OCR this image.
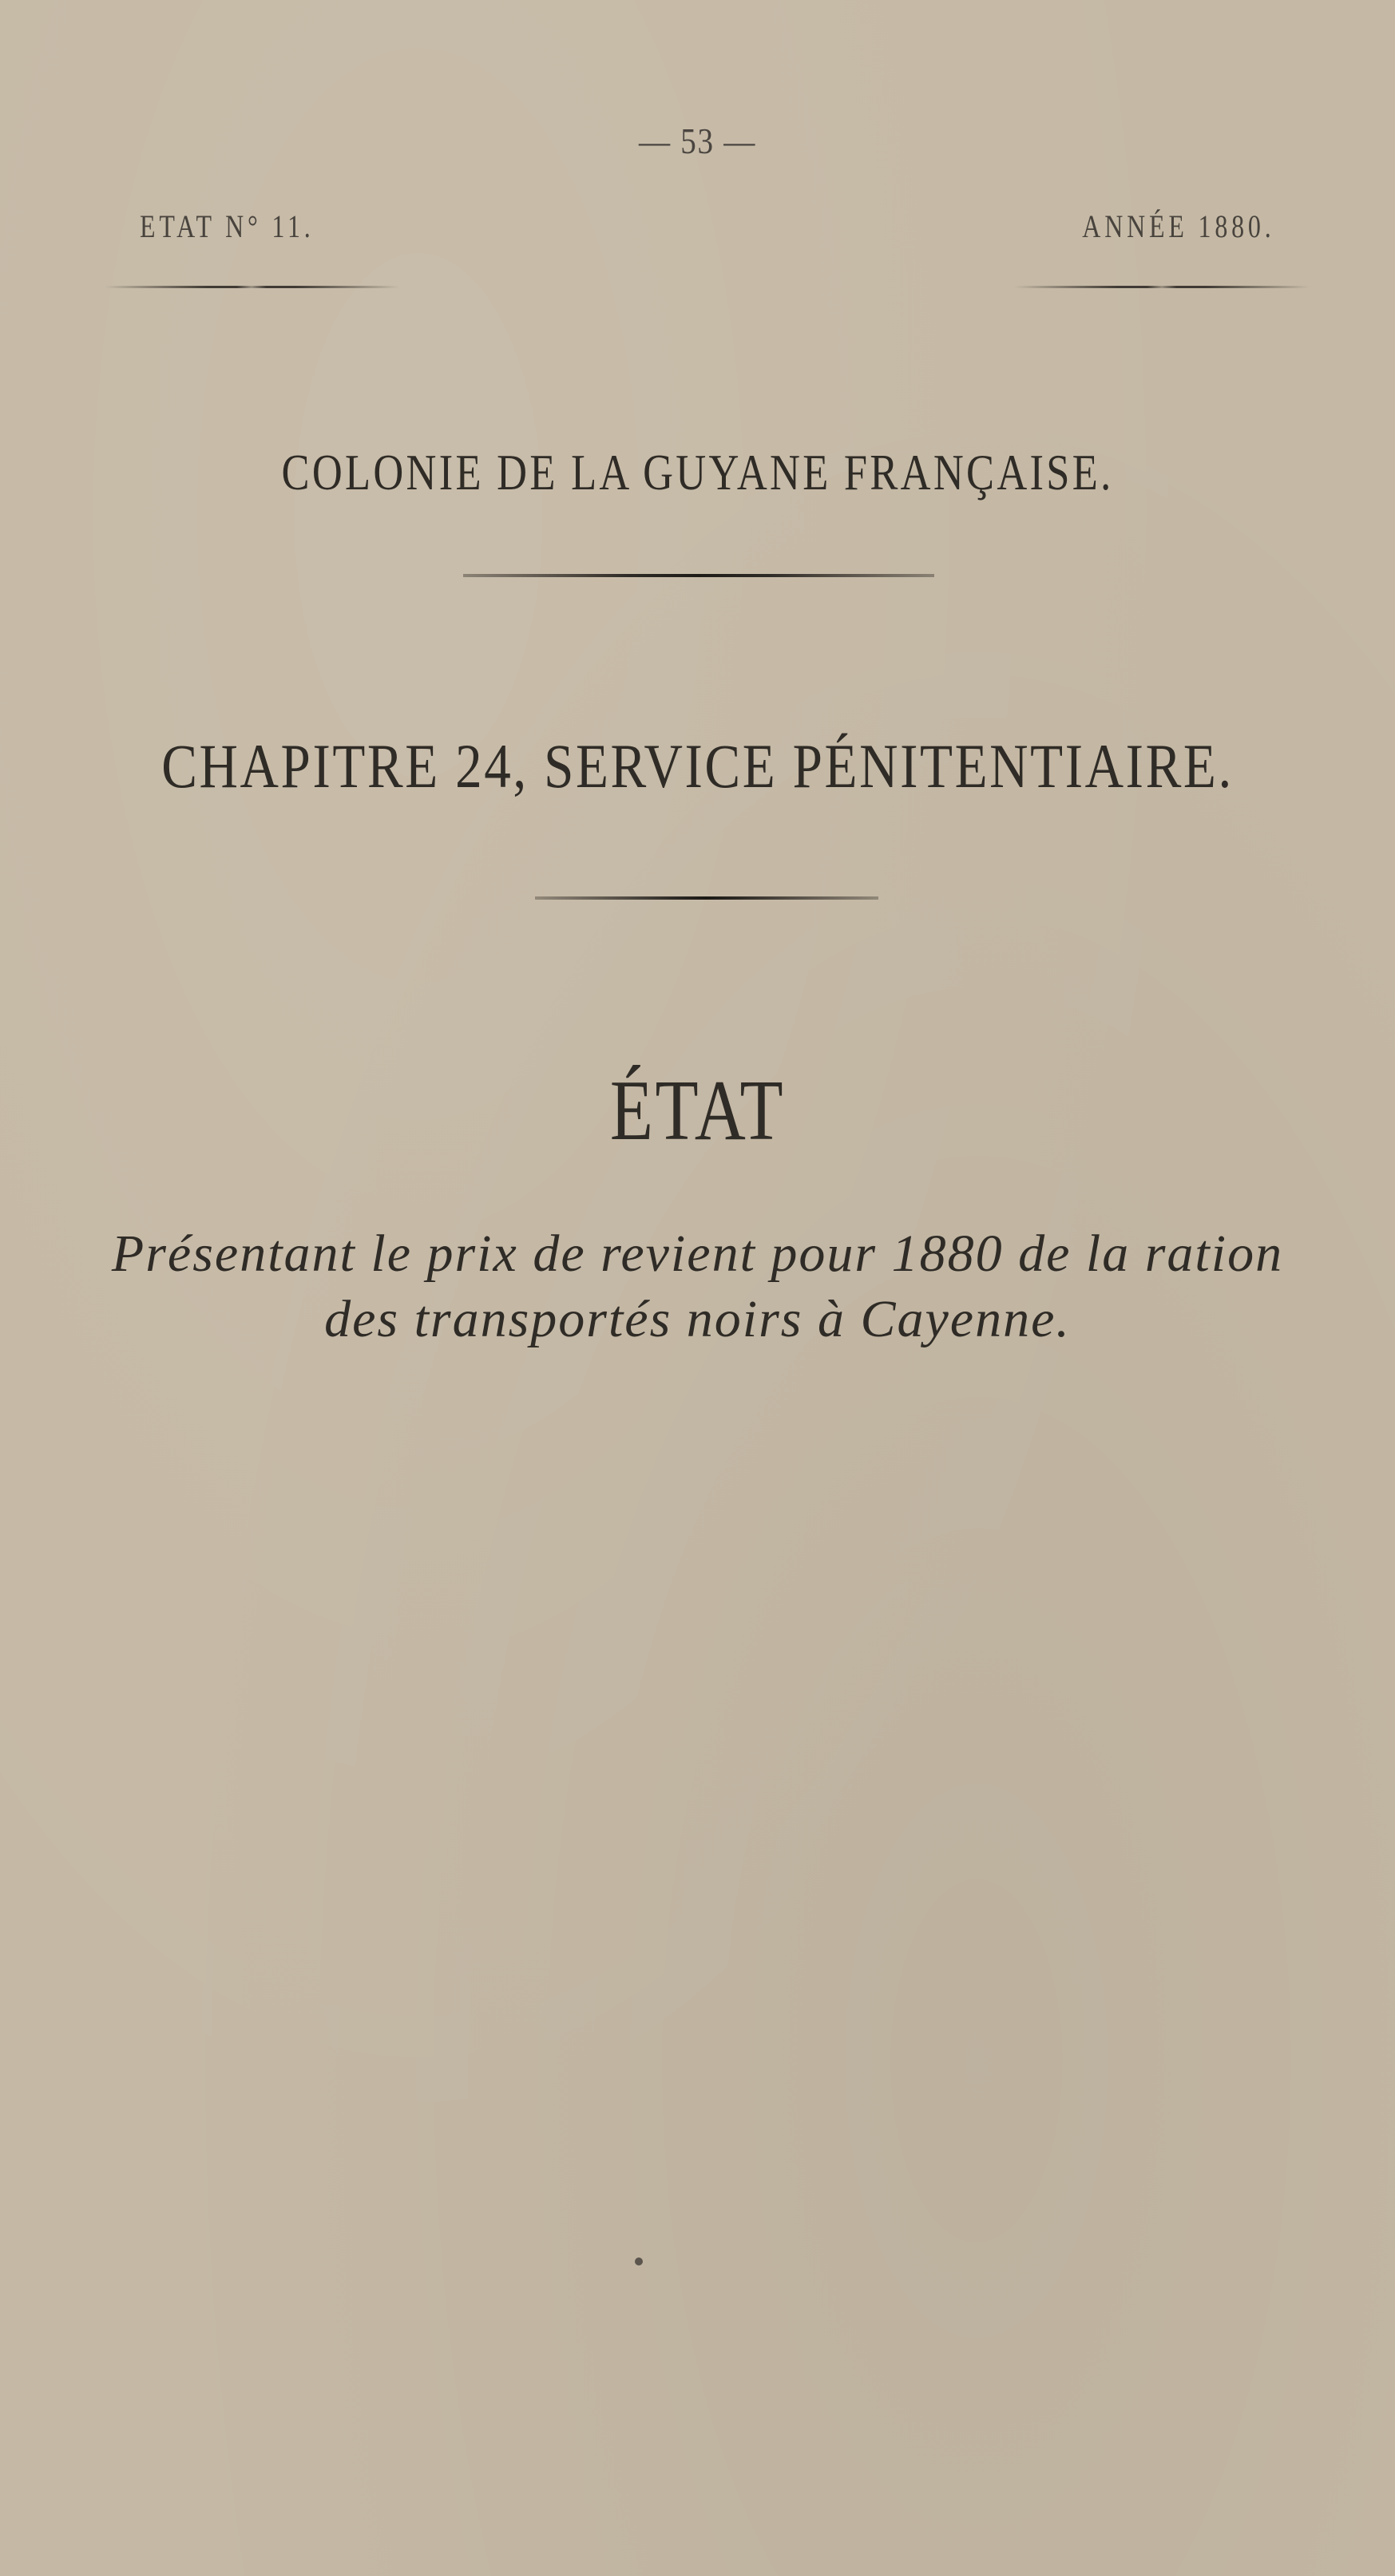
— 53 —
ETAT N° 11.	ANNÉE 1880.
COLONIE DE LA GUYANE FRANÇAISE.
CHAPITRE 24, SERVICE PÉNITENTIAIRE.
ÉTAT
Présentant le prix de revient pour 1880 de la ration
des transportés noirs à Cayenne.
